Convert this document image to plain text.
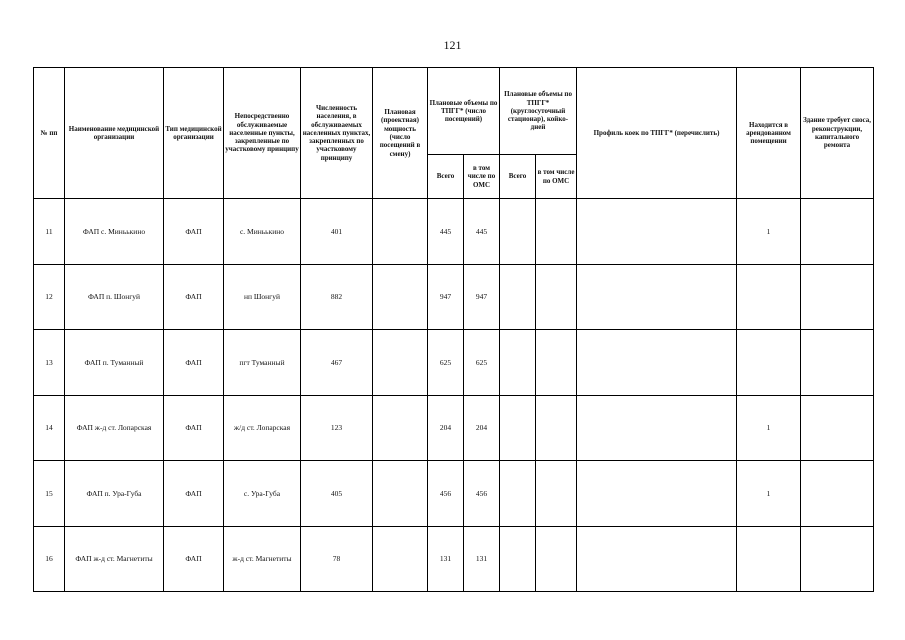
121
№ пп	Наименование медицинской организации	Тип медицинской организации	Непосредственно обслуживаемые населенные пункты, закрепленные по участковому принципу	Численность населения, в обслуживаемых населенных пунктах, закрепленных по участковому принципу	Плановая (проектная) мощность (число посещений в смену)	Плановые объемы по ТПГГ* (число посещений)		Плановые объемы по ТПГГ* (круглосуточный стационар), койко-дней		Профиль коек по ТПГГ* (перечислить)	Находится в арендованном помещении	Здание требует сноса, реконструкции, капитального ремонта
						Всего	в том числе по ОМС	Всего	в том числе по ОМС			
11	ФАП с. Миньькино	ФАП	с. Миньькино	401		445	445				1	
12	ФАП п. Шонгуй	ФАП	нп Шонгуй	882		947	947					
13	ФАП п. Туманный	ФАП	пгт Туманный	467		625	625					
14	ФАП ж-д ст. Лопарская	ФАП	ж/д ст. Лопарская	123		204	204				1	
15	ФАП п. Ура-Губа	ФАП	с. Ура-Губа	405		456	456				1	
16	ФАП ж-д ст. Магнетиты	ФАП	ж-д ст. Магнетиты	78		131	131					
